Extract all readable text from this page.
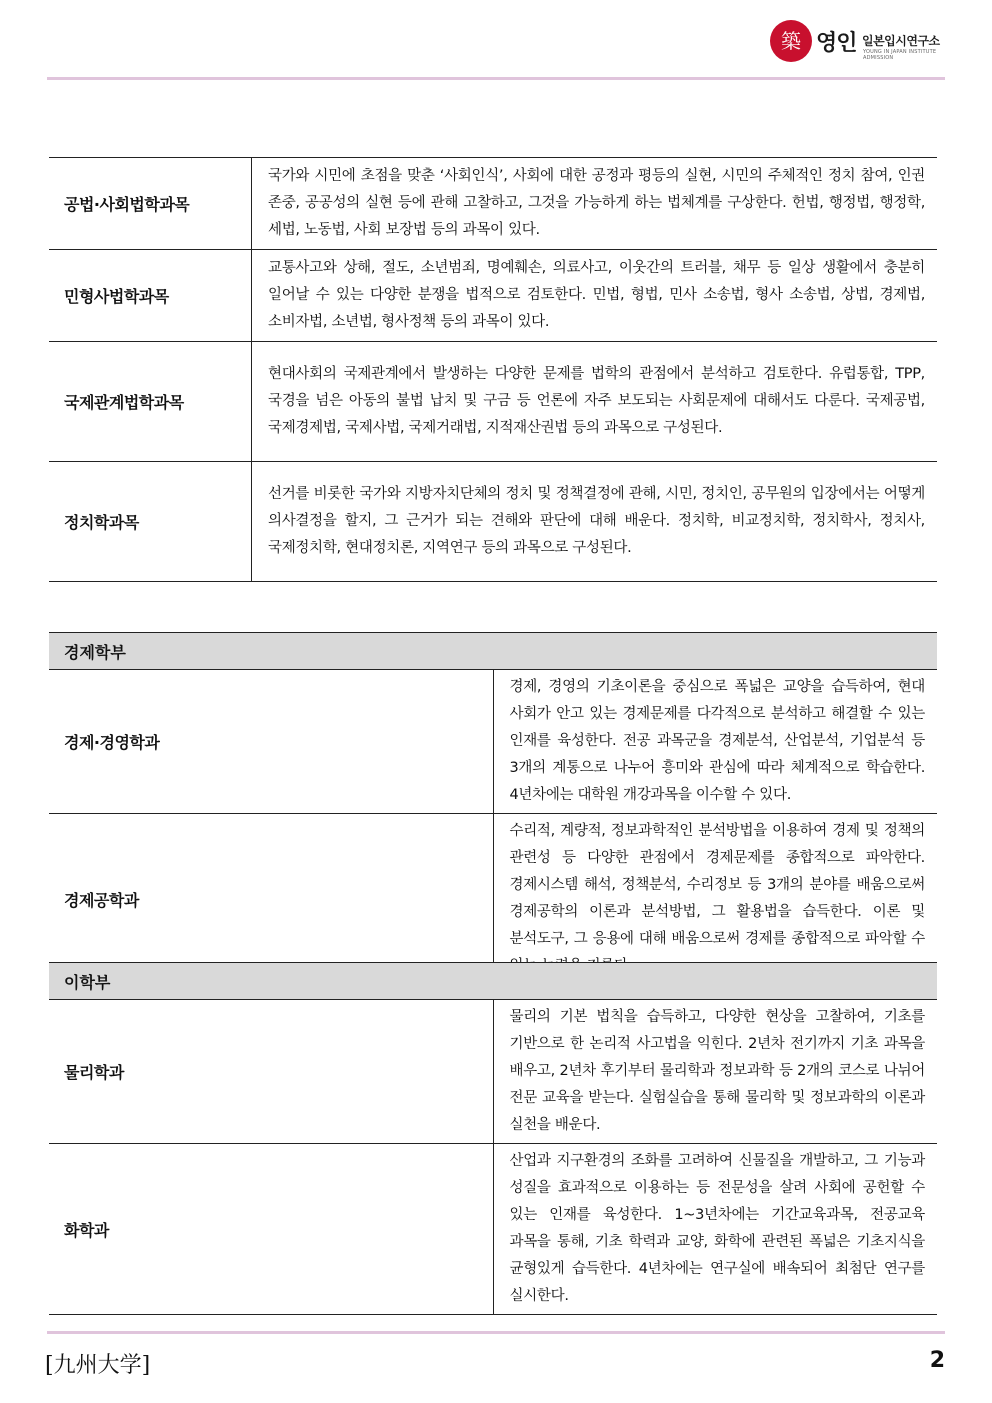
築 영인 일본입시연구소
YOUNG IN JAPAN INSTITUTE ADMISSION
공법·사회법학과목	국가와 시민에 초점을 맞춘 ‘사회인식’, 사회에 대한 공정과 평등의 실현, 시민의 주체적인 정치 참여, 인권 존중, 공공성의 실현 등에 관해 고찰하고, 그것을 가능하게 하는 법체계를 구상한다. 헌법, 행정법, 행정학, 세법, 노동법, 사회 보장법 등의 과목이 있다.
민형사법학과목	교통사고와 상해, 절도, 소년범죄, 명예훼손, 의료사고, 이웃간의 트러블, 채무 등 일상 생활에서 충분히 일어날 수 있는 다양한 분쟁을 법적으로 검토한다. 민법, 형법, 민사 소송법, 형사 소송법, 상법, 경제법, 소비자법, 소년법, 형사정책 등의 과목이 있다.
국제관계법학과목	현대사회의 국제관계에서 발생하는 다양한 문제를 법학의 관점에서 분석하고 검토한다. 유럽통합, TPP, 국경을 넘은 아동의 불법 납치 및 구금 등 언론에 자주 보도되는 사회문제에 대해서도 다룬다. 국제공법, 국제경제법, 국제사법, 국제거래법, 지적재산권법 등의 과목으로 구성된다.
정치학과목	선거를 비롯한 국가와 지방자치단체의 정치 및 정책결정에 관해, 시민, 정치인, 공무원의 입장에서는 어떻게 의사결정을 할지, 그 근거가 되는 견해와 판단에 대해 배운다. 정치학, 비교정치학, 정치학사, 정치사, 국제정치학, 현대정치론, 지역연구 등의 과목으로 구성된다.
경제학부	
경제·경영학과	경제, 경영의 기초이론을 중심으로 폭넓은 교양을 습득하여, 현대 사회가 안고 있는 경제문제를 다각적으로 분석하고 해결할 수 있는 인재를 육성한다. 전공 과목군을 경제분석, 산업분석, 기업분석 등 3개의 계통으로 나누어 흥미와 관심에 따라 체계적으로 학습한다. 4년차에는 대학원 개강과목을 이수할 수 있다.
경제공학과	수리적, 계량적, 정보과학적인 분석방법을 이용하여 경제 및 정책의 관련성 등 다양한 관점에서 경제문제를 종합적으로 파악한다. 경제시스템 해석, 정책분석, 수리정보 등 3개의 분야를 배움으로써 경제공학의 이론과 분석방법, 그 활용법을 습득한다. 이론 및 분석도구, 그 응용에 대해 배움으로써 경제를 종합적으로 파악할 수
이학부	
물리학과	물리의 기본 법칙을 습득하고, 다양한 현상을 고찰하여, 기초를 기반으로 한 논리적 사고법을 익힌다. 2년차 전기까지 기초 과목을 배우고, 2년차 후기부터 물리학과 정보과학 등 2개의 코스로 나뉘어 전문 교육을 받는다. 실험실습을 통해 물리학 및 정보과학의 이론과 실천을 배운다.
화학과	산업과 지구환경의 조화를 고려하여 신물질을 개발하고, 그 기능과 성질을 효과적으로 이용하는 등 전문성을 살려 사회에 공헌할 수 있는 인재를 육성한다. 1~3년차에는 기간교육과목, 전공교육 과목을 통해, 기초 학력과 교양, 화학에 관련된 폭넓은 기초지식을 균형있게 습득한다. 4년차에는 연구실에 배속되어 최첨단 연구를 실시한다.
[九州大学]	2
